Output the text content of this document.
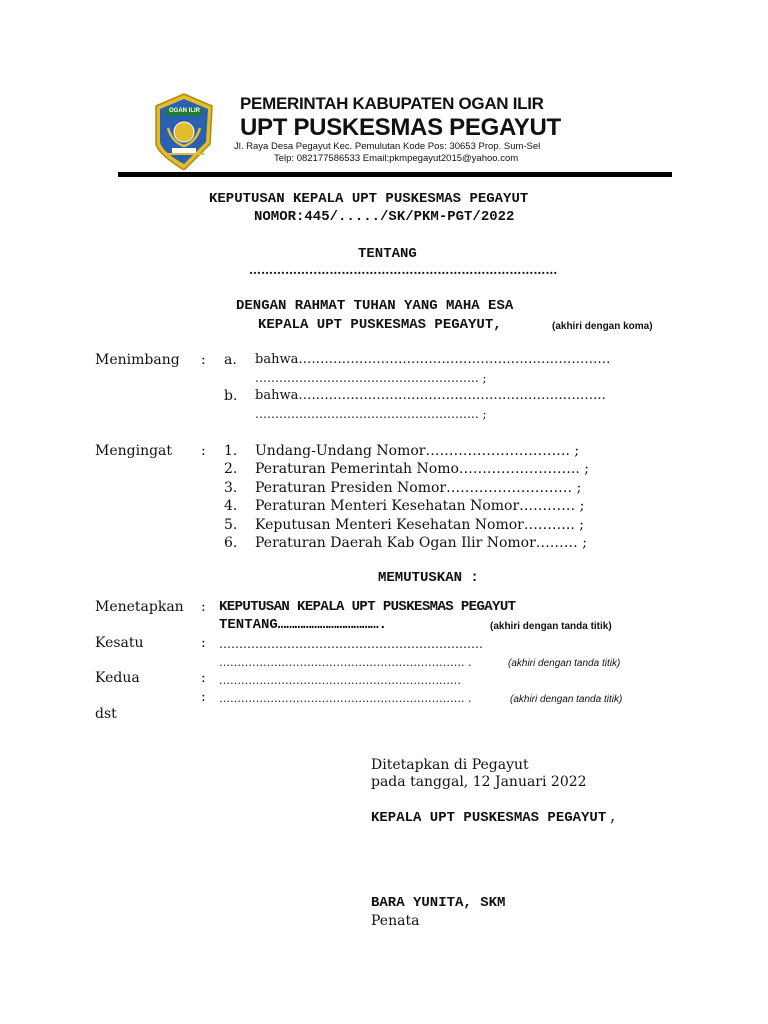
OGAN ILIR PEMERINTAH KABUPATEN OGAN ILIR
UPT PUSKESMAS PEGAYUT
Jl. Raya Desa Pegayut Kec. Pemulutan Kode Pos: 30653 Prop. Sum-Sel
Telp: 082177586533 Email:pkmpegayut2015@yahoo.com
KEPUTUSAN KEPALA UPT PUSKESMAS PEGAYUT
NOMOR:445/...../SK/PKM-PGT/2022
TENTANG
……………..……………………………………………………
DENGAN RAHMAT TUHAN YANG MAHA ESA
KEPALA UPT PUSKESMAS PEGAYUT,	(akhiri dengan koma)
Menimbang : a. bahwa………………………………………………………………
……………………………………………….. ;
b. bahwa……………………………………………………………..
……………………………………………….. ;
Mengingat : 1. Undang-Undang Nomor…………………………. ;
2. Peraturan Pemerintah Nomo…………………….. ;
3. Peraturan Presiden Nomor……………………… ;
4. Peraturan Menteri Kesehatan Nomor………… ;
5. Keputusan Menteri Kesehatan Nomor……….. ;
6. Peraturan Daerah Kab Ogan Ilir Nomor……… ;
MEMUTUSKAN :
Menetapkan : KEPUTUSAN KEPALA UPT PUSKESMAS PEGAYUT
TENTANG……………………………….	(akhiri dengan tanda titik)
Kesatu	: …………………………………………………………
…………………………………………………………. .	(akhiri dengan tanda titik)
Kedua	: …………………………………………………………
: …………………………………………………………. .	(akhiri dengan tanda titik)
dst
Ditetapkan di Pegayut
pada tanggal, 12 Januari 2022
KEPALA UPT PUSKESMAS PEGAYUT ,
BARA YUNITA, SKM
Penata
